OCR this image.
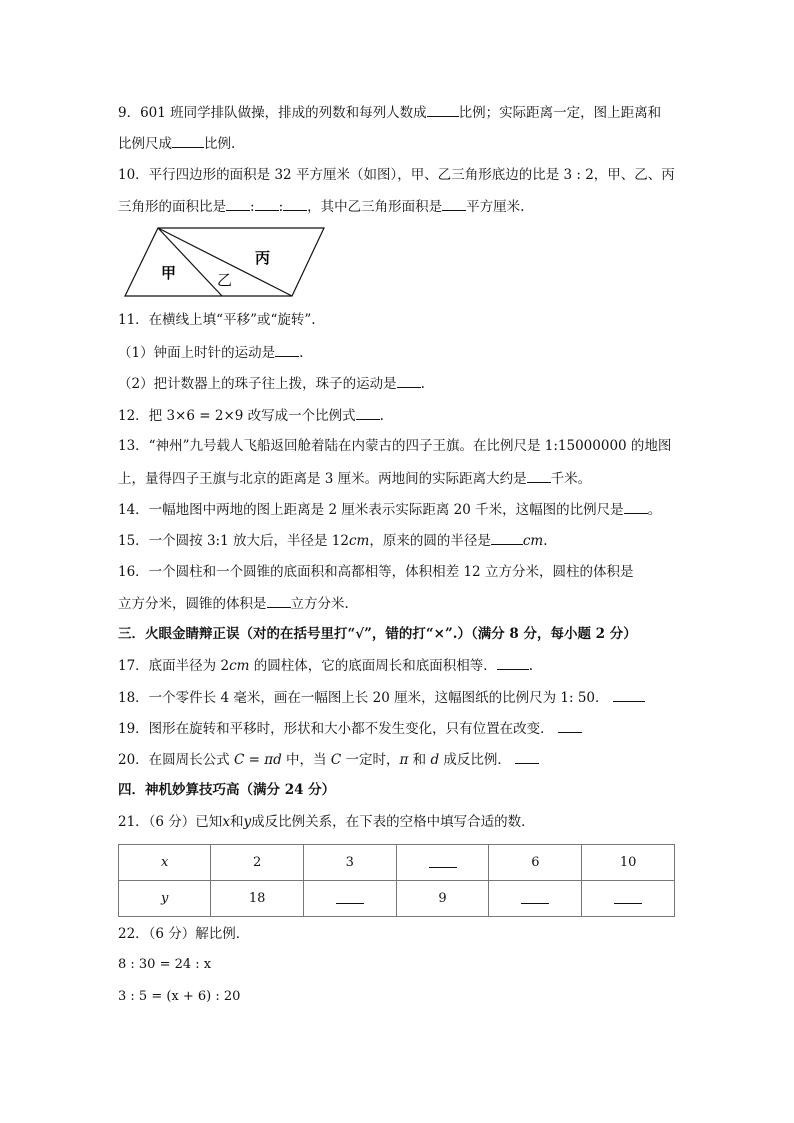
9．601 班同学排队做操，排成的列数和每列人数成 比例；实际距离一定，图上距离和
比例尺成 比例.
10．平行四边形的面积是 32 平方厘米（如图），甲、乙三角形底边的比是 3 : 2，甲、乙、丙
三角形的面积比是 : : ，其中乙三角形面积是 平方厘米.
甲	乙
丙
11．在横线上填“平移”或“旋转”.
（1）钟面上时针的运动是 .
（2）把计数器上的珠子往上拨，珠子的运动是 .
12．把 3×6 = 2×9 改写成一个比例式 .
13．“神州”九号载人飞船返回舱着陆在内蒙古的四子王旗。在比例尺是 1:15000000 的地图
上，量得四子王旗与北京的距离是 3 厘米。两地间的实际距离大约是 千米。
14．一幅地图中两地的图上距离是 2 厘米表示实际距离 20 千米，这幅图的比例尺是 。
15．一个圆按 3:1 放大后，半径是 12cm，原来的圆的半径是 cm.
16．一个圆柱和一个圆锥的底面积和高都相等，体积相差 12 立方分米，圆柱的体积是
立方分米，圆锥的体积是 立方分米.
三．火眼金睛辩正误（对的在括号里打“√”，错的打“×”.）（满分 8 分，每小题 2 分）
17．底面半径为 2cm 的圆柱体，它的底面周长和底面积相等． .
18．一个零件长 4 毫米，画在一幅图上长 20 厘米，这幅图纸的比例尺为 1: 50．
19．图形在旋转和平移时，形状和大小都不发生变化，只有位置在改变．
20．在圆周长公式 C = πd 中，当 C 一定时，π 和 d 成反比例．
四．神机妙算技巧高（满分 24 分）
21．（6 分）已知x和y成反比例关系，在下表的空格中填写合适的数．
x	2	3		6	10
y	18		9		
22．（6 分）解比例．
8 : 30 = 24 : x
3 : 5 = (x + 6) : 20
